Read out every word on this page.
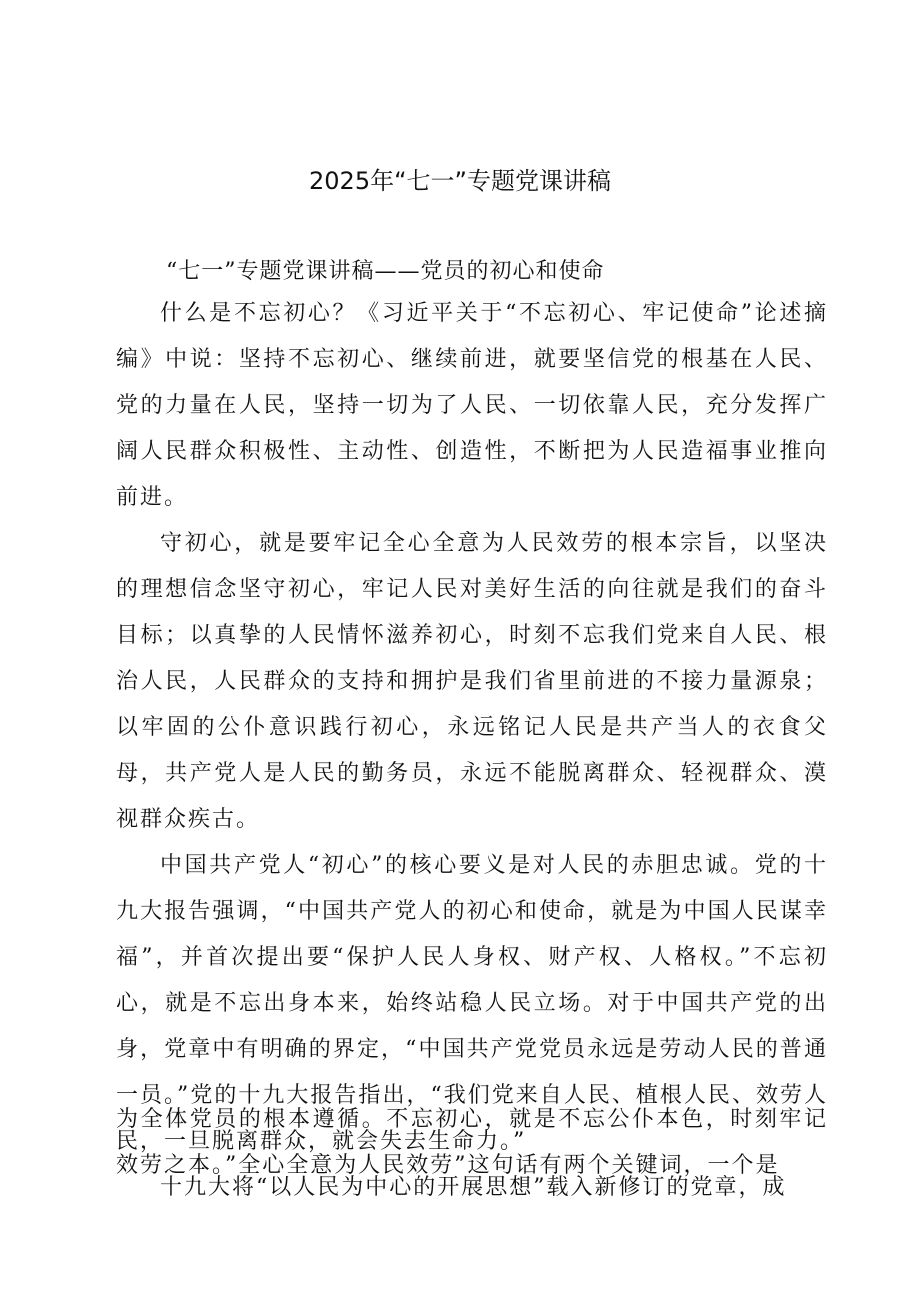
2025年“七一”专题党课讲稿
“七一”专题党课讲稿——党员的初心和使命

什么是不忘初心？《习近平关于“不忘初心、牢记使命”论述摘编》中说：坚持不忘初心、继续前进，就要坚信党的根基在人民、党的力量在人民，坚持一切为了人民、一切依靠人民，充分发挥广阔人民群众积极性、主动性、创造性，不断把为人民造福事业推向前进。

守初心，就是要牢记全心全意为人民效劳的根本宗旨，以坚决的理想信念坚守初心，牢记人民对美好生活的向往就是我们的奋斗目标；以真挚的人民情怀滋养初心，时刻不忘我们党来自人民、根治人民，人民群众的支持和拥护是我们省里前进的不接力量源泉；以牢固的公仆意识践行初心，永远铭记人民是共产当人的衣食父母，共产党人是人民的勤务员，永远不能脱离群众、轻视群众、漠视群众疾古。

中国共产党人“初心”的核心要义是对人民的赤胆忠诚。党的十九大报告强调，“中国共产党人的初心和使命，就是为中国人民谋幸福”，并首次提出要“保护人民人身权、财产权、人格权。”不忘初心，就是不忘出身本来，始终站稳人民立场。对于中国共产党的出身，党章中有明确的界定，“中国共产党党员永远是劳动人民的普通一员。”党的十九大报告指出，“我们党来自人民、植根人民、效劳人民，一旦脱离群众，就会失去生命力。”

十九大将“以人民为中心的开展思想”载入新修订的党章，成

为全体党员的根本遵循。不忘初心，就是不忘公仆本色，时刻牢记效劳之本。”全心全意为人民效劳”这句话有两个关键词，一个是
